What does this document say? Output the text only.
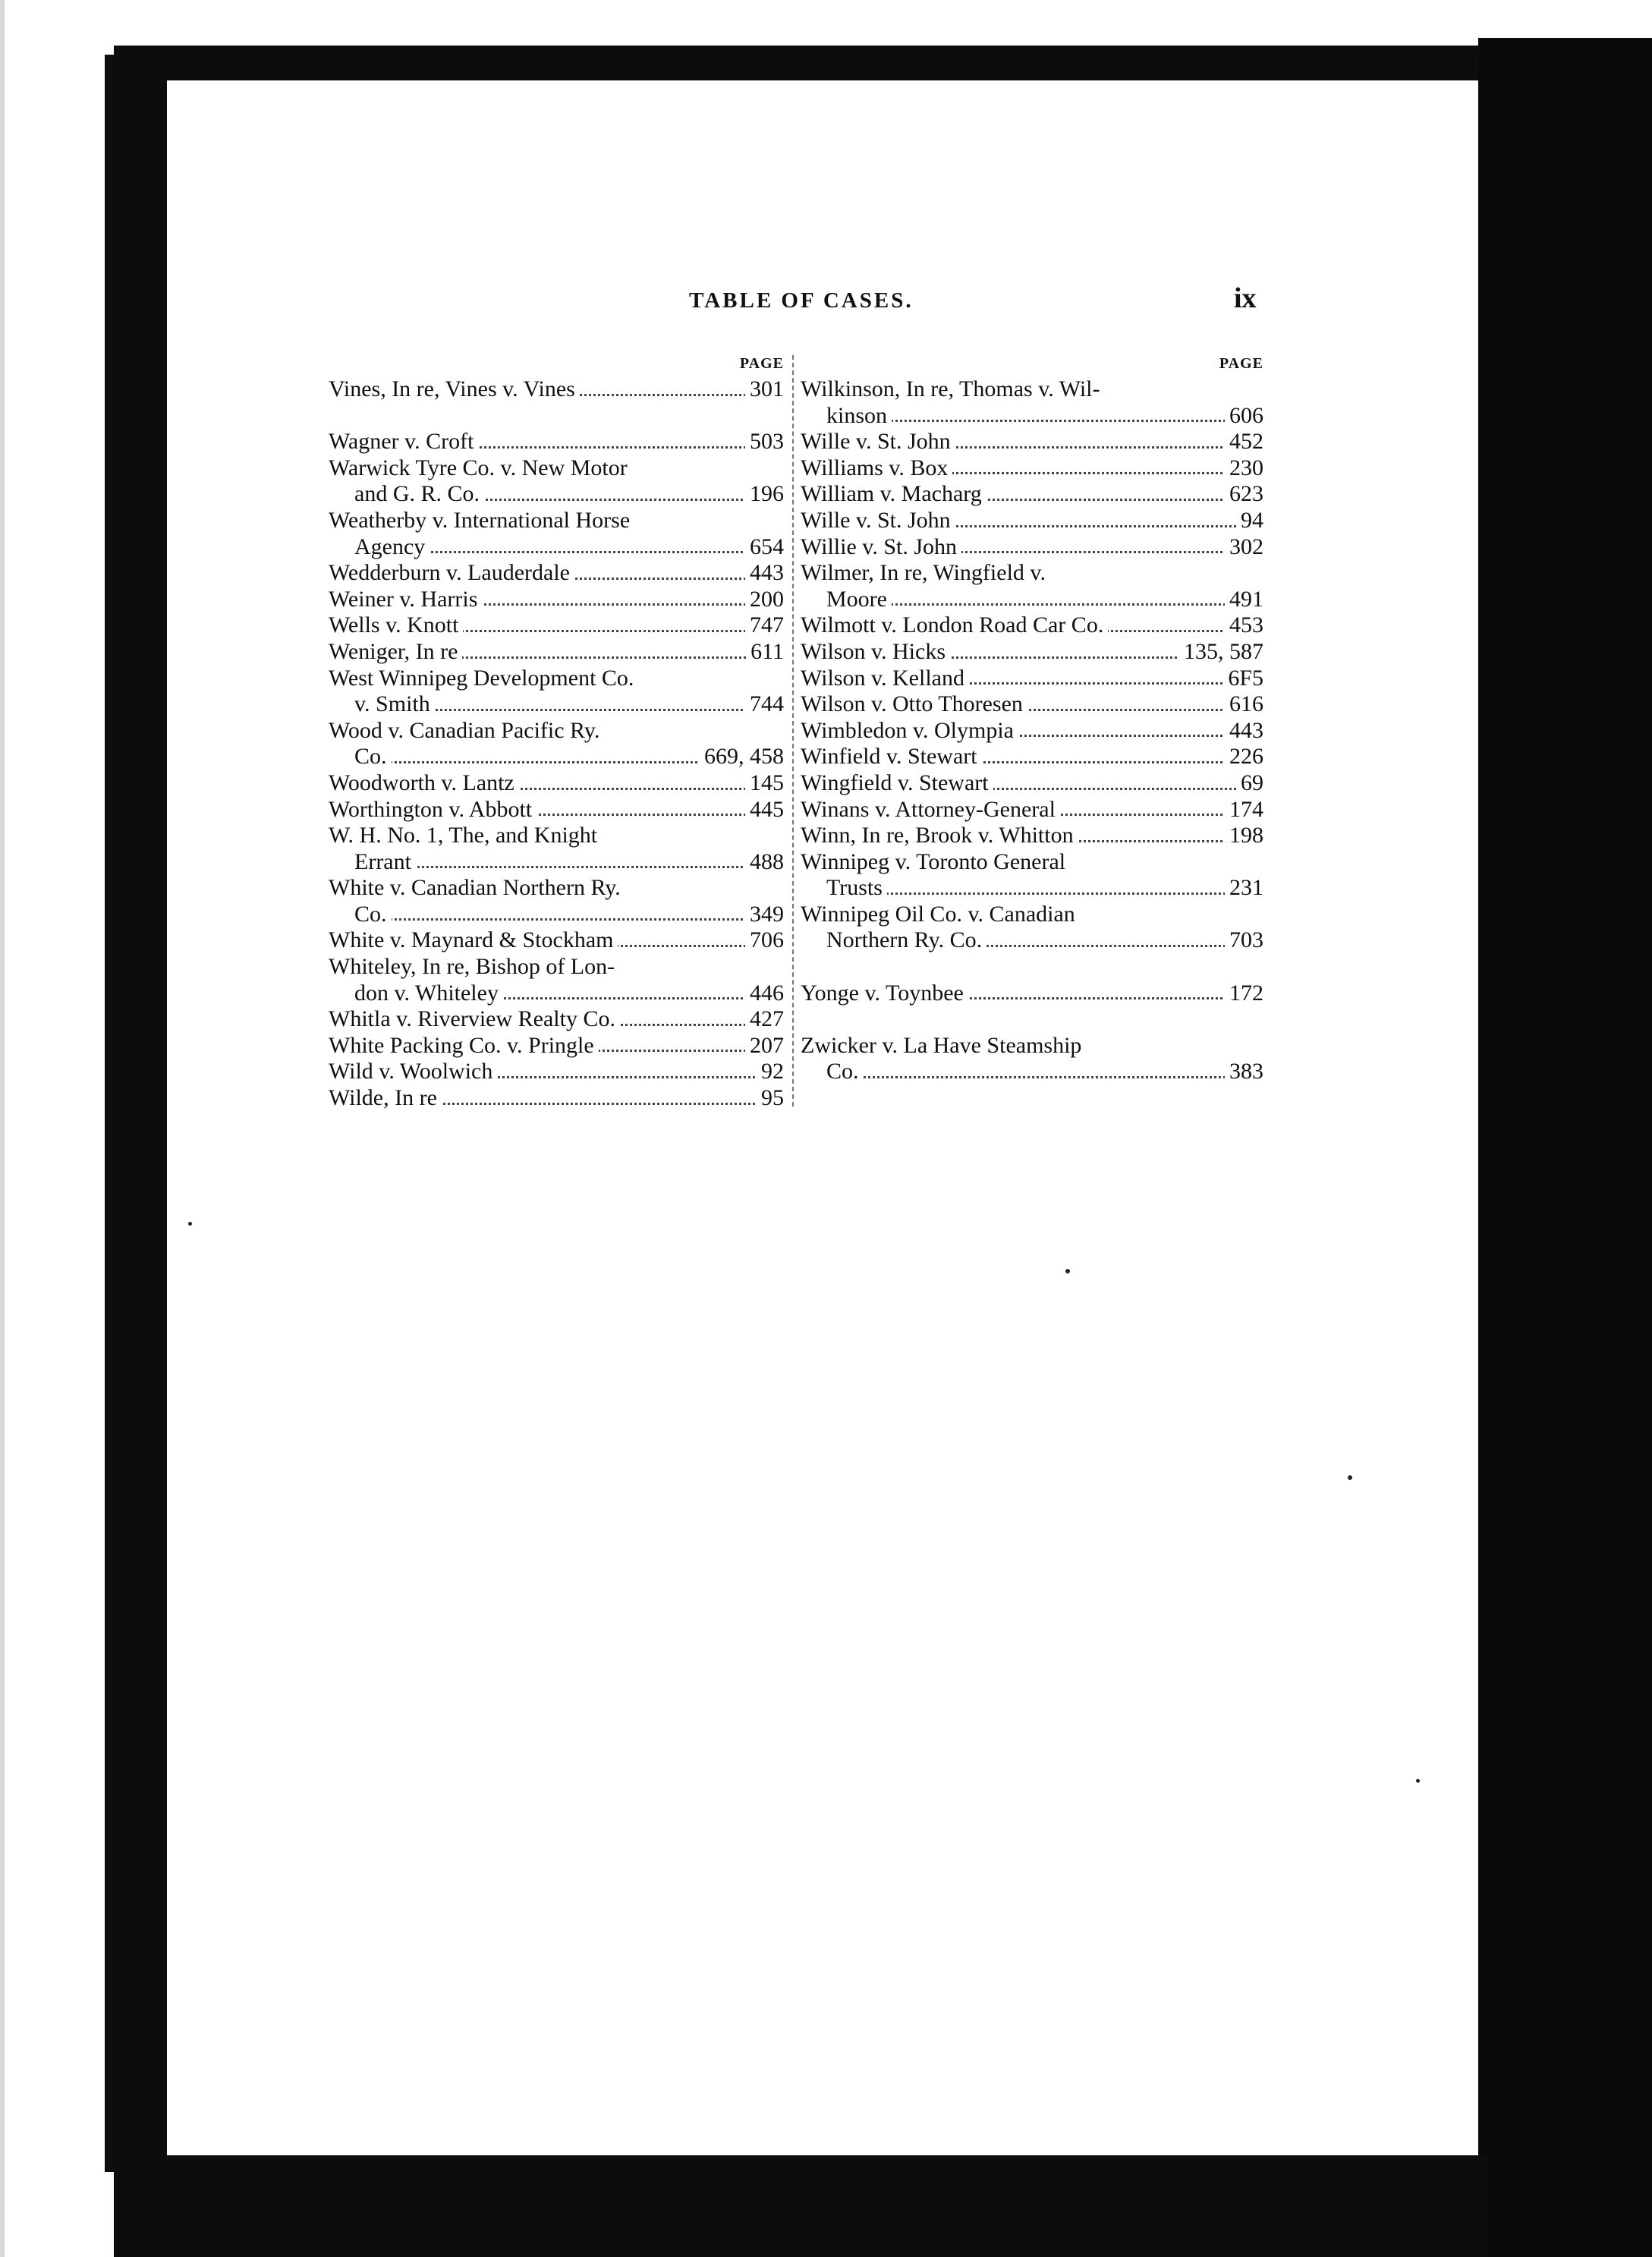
TABLE OF CASES.	ix
PAGE
Vines, In re, Vines v. Vines	301
Wagner v. Croft	503
Warwick Tyre Co. v. New Motor
and G. R. Co.	196
Weatherby v. International Horse
Agency	654
Wedderburn v. Lauderdale	443
Weiner v. Harris	200
Wells v. Knott	747
Weniger, In re	611
West Winnipeg Development Co.
v. Smith	744
Wood v. Canadian Pacific Ry.
Co.	669, 458
Woodworth v. Lantz	145
Worthington v. Abbott	445
W. H. No. 1, The, and Knight
Errant	488
White v. Canadian Northern Ry.
Co.	349
White v. Maynard & Stockham	706
Whiteley, In re, Bishop of Lon-
don v. Whiteley	446
Whitla v. Riverview Realty Co.	427
White Packing Co. v. Pringle	207
Wild v. Woolwich	92
Wilde, In re	95
PAGE
Wilkinson, In re, Thomas v. Wil-
kinson	606
Wille v. St. John	452
Williams v. Box	230
William v. Macharg	623
Wille v. St. John	94
Willie v. St. John	302
Wilmer, In re, Wingfield v.
Moore	491
Wilmott v. London Road Car Co.	453
Wilson v. Hicks	135, 587
Wilson v. Kelland	6F5
Wilson v. Otto Thoresen	616
Wimbledon v. Olympia	443
Winfield v. Stewart	226
Wingfield v. Stewart	69
Winans v. Attorney-General	174
Winn, In re, Brook v. Whitton	198
Winnipeg v. Toronto General
Trusts	231
Winnipeg Oil Co. v. Canadian
Northern Ry. Co.	703
Yonge v. Toynbee	172
Zwicker v. La Have Steamship
Co.	383
